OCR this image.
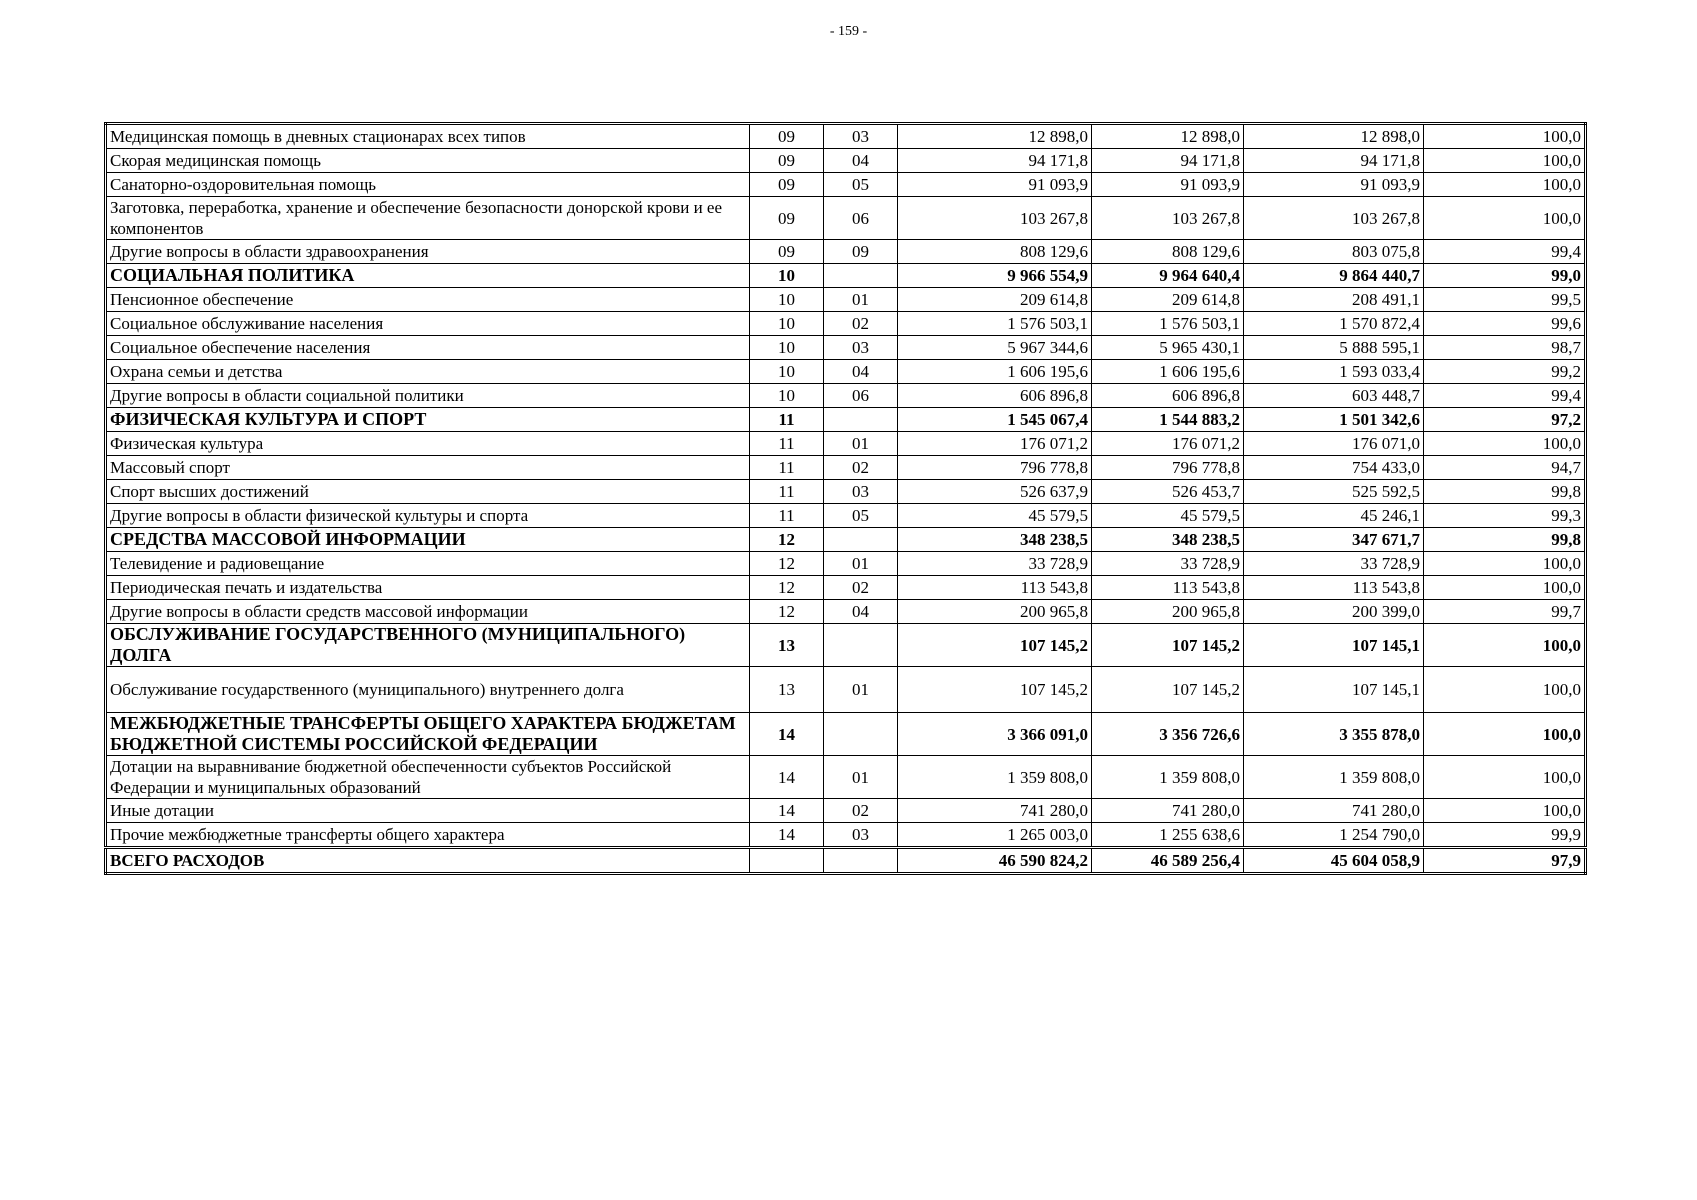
- 159 -
Медицинская помощь в дневных стационарах всех типов	09	03	12 898,0	12 898,0	12 898,0	100,0
Скорая медицинская помощь	09	04	94 171,8	94 171,8	94 171,8	100,0
Санаторно-оздоровительная помощь	09	05	91 093,9	91 093,9	91 093,9	100,0
Заготовка, переработка, хранение и обеспечение безопасности донорской крови и ее компонентов	09	06	103 267,8	103 267,8	103 267,8	100,0
Другие вопросы в области здравоохранения	09	09	808 129,6	808 129,6	803 075,8	99,4
СОЦИАЛЬНАЯ ПОЛИТИКА	10		9 966 554,9	9 964 640,4	9 864 440,7	99,0
Пенсионное обеспечение	10	01	209 614,8	209 614,8	208 491,1	99,5
Социальное обслуживание населения	10	02	1 576 503,1	1 576 503,1	1 570 872,4	99,6
Социальное обеспечение населения	10	03	5 967 344,6	5 965 430,1	5 888 595,1	98,7
Охрана семьи и детства	10	04	1 606 195,6	1 606 195,6	1 593 033,4	99,2
Другие вопросы в области социальной политики	10	06	606 896,8	606 896,8	603 448,7	99,4
ФИЗИЧЕСКАЯ КУЛЬТУРА И СПОРТ	11		1 545 067,4	1 544 883,2	1 501 342,6	97,2
Физическая культура	11	01	176 071,2	176 071,2	176 071,0	100,0
Массовый спорт	11	02	796 778,8	796 778,8	754 433,0	94,7
Спорт высших достижений	11	03	526 637,9	526 453,7	525 592,5	99,8
Другие вопросы в области физической культуры и спорта	11	05	45 579,5	45 579,5	45 246,1	99,3
СРЕДСТВА МАССОВОЙ ИНФОРМАЦИИ	12		348 238,5	348 238,5	347 671,7	99,8
Телевидение и радиовещание	12	01	33 728,9	33 728,9	33 728,9	100,0
Периодическая печать и издательства	12	02	113 543,8	113 543,8	113 543,8	100,0
Другие вопросы в области средств массовой информации	12	04	200 965,8	200 965,8	200 399,0	99,7
ОБСЛУЖИВАНИЕ ГОСУДАРСТВЕННОГО (МУНИЦИПАЛЬНОГО) ДОЛГА	13		107 145,2	107 145,2	107 145,1	100,0
Обслуживание государственного (муниципального) внутреннего долга	13	01	107 145,2	107 145,2	107 145,1	100,0
МЕЖБЮДЖЕТНЫЕ ТРАНСФЕРТЫ ОБЩЕГО ХАРАКТЕРА БЮДЖЕТАМ БЮДЖЕТНОЙ СИСТЕМЫ РОССИЙСКОЙ ФЕДЕРАЦИИ	14		3 366 091,0	3 356 726,6	3 355 878,0	100,0
Дотации на выравнивание бюджетной обеспеченности субъектов Российской Федерации и муниципальных образований	14	01	1 359 808,0	1 359 808,0	1 359 808,0	100,0
Иные дотации	14	02	741 280,0	741 280,0	741 280,0	100,0
Прочие межбюджетные трансферты общего характера	14	03	1 265 003,0	1 255 638,6	1 254 790,0	99,9
ВСЕГО РАСХОДОВ			46 590 824,2	46 589 256,4	45 604 058,9	97,9
